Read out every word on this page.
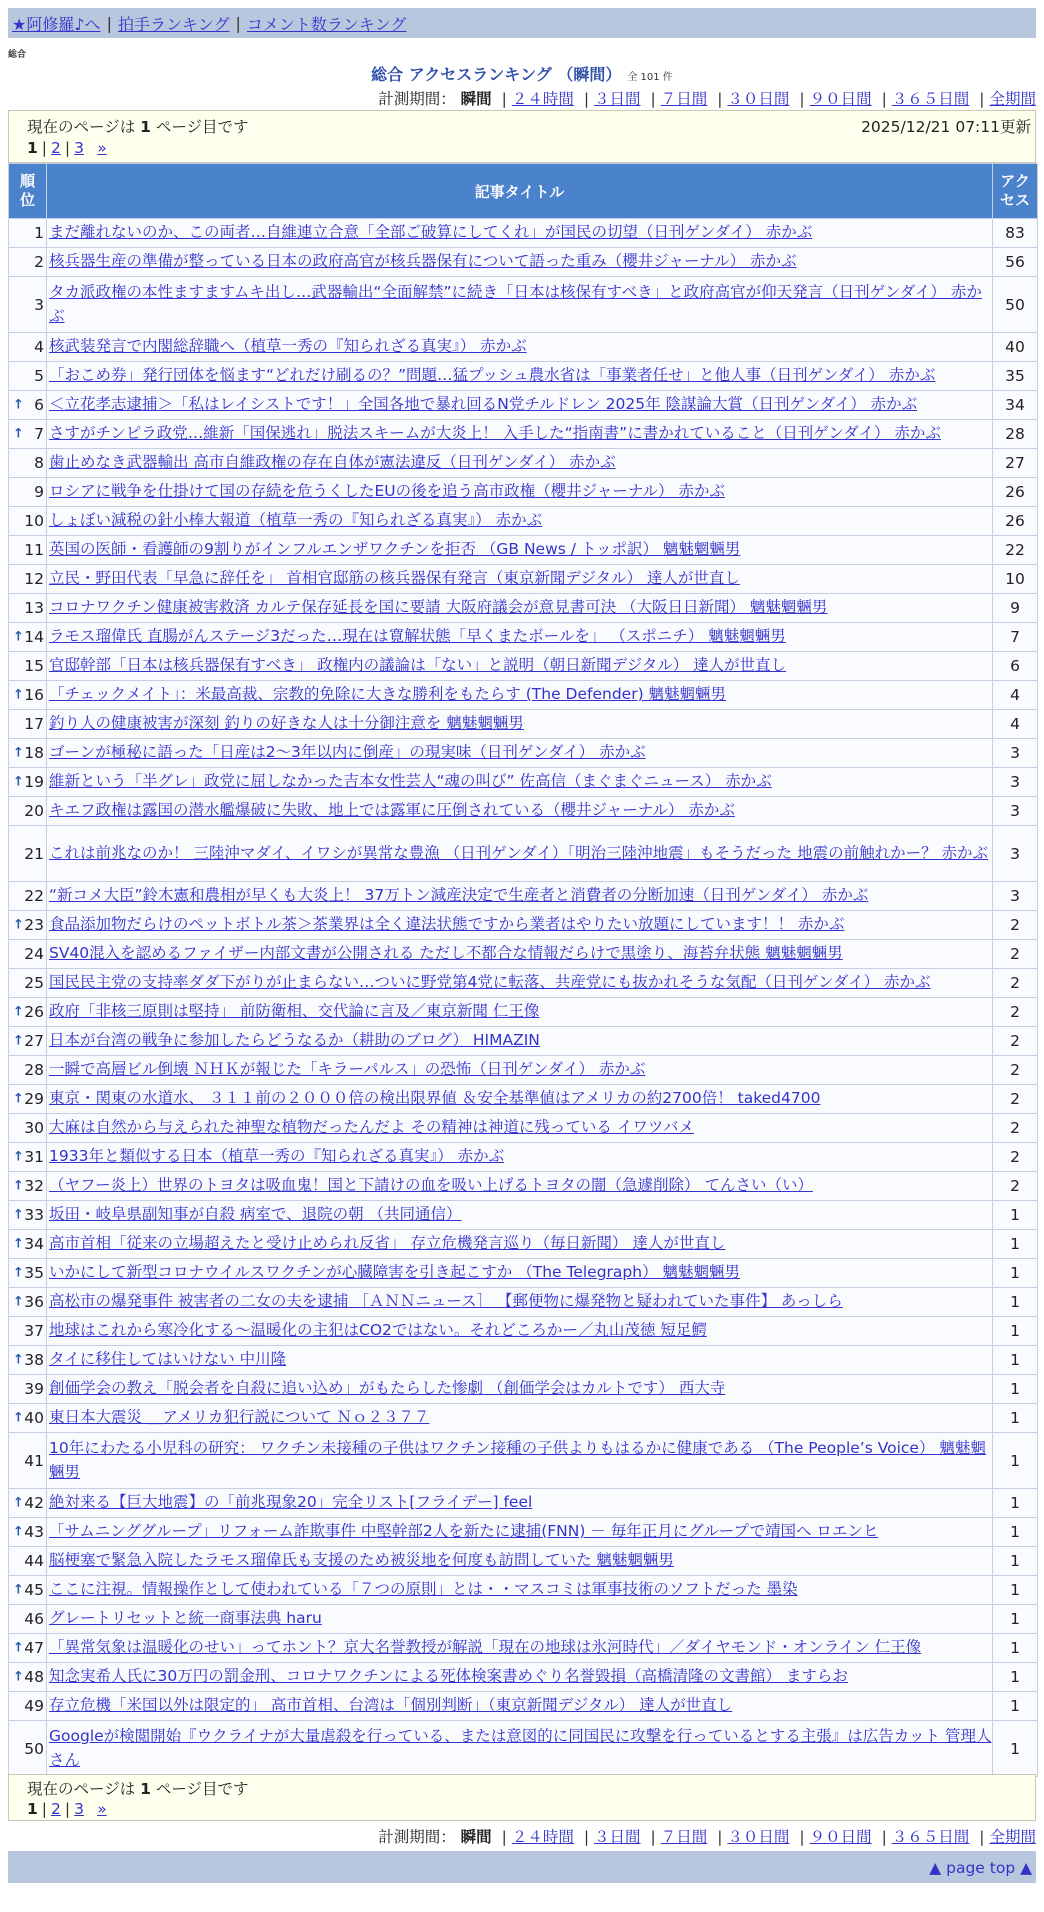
★阿修羅♪へ | 拍手ランキング | コメント数ランキング
総合
総合 アクセスランキング （瞬間） 全 101 件
計測期間： 瞬間 | ２４時間 | ３日間 | ７日間 | ３０日間 | ９０日間 | ３６５日間 | 全期間
現在のページは 1 ページ目です	2025/12/21 07:11更新
1 | 2 | 3 »
順位	記事タイトル	アクセス
1	まだ離れないのか、この両者…自維連立合意「全部ご破算にしてくれ」が国民の切望（日刊ゲンダイ） 赤かぶ	83
2	核兵器生産の準備が整っている日本の政府高官が核兵器保有について語った重み（櫻井ジャーナル） 赤かぶ	56
3	タカ派政権の本性ますますムキ出し…武器輸出“全面解禁”に続き「日本は核保有すべき」と政府高官が仰天発言（日刊ゲンダイ） 赤かぶ	50
4	核武装発言で内閣総辞職へ（植草一秀の『知られざる真実』） 赤かぶ	40
5	「おこめ券」発行団体を悩ます“どれだけ刷るの？”問題…猛プッシュ農水省は「事業者任せ」と他人事（日刊ゲンダイ） 赤かぶ	35

↑ 6	＜立花孝志逮捕＞「私はレイシストです！」全国各地で暴れ回るN党チルドレン 2025年 陰謀論大賞（日刊ゲンダイ） 赤かぶ	34

↑ 7	さすがチンピラ政党…維新「国保逃れ」脱法スキームが大炎上！ 入手した“指南書”に書かれていること（日刊ゲンダイ） 赤かぶ	28
8	歯止めなき武器輸出 高市自維政権の存在自体が憲法違反（日刊ゲンダイ） 赤かぶ	27
9	ロシアに戦争を仕掛けて国の存続を危うくしたEUの後を追う高市政権（櫻井ジャーナル） 赤かぶ	26
10	しょぼい減税の針小棒大報道（植草一秀の『知られざる真実』） 赤かぶ	26
11	英国の医師・看護師の9割りがインフルエンザワクチンを拒否 （GB News / トッポ訳） 魑魅魍魎男	22
12	立民・野田代表「早急に辞任を」 首相官邸筋の核兵器保有発言（東京新聞デジタル） 達人が世直し	10
13	コロナワクチン健康被害救済 カルテ保存延長を国に要請 大阪府議会が意見書可決 （大阪日日新聞） 魑魅魍魎男	9

↑ 14	ラモス瑠偉氏 直腸がんステージ3だった…現在は寛解状態「早くまたボールを」 （スポニチ） 魑魅魍魎男	7
15	官邸幹部「日本は核兵器保有すべき」 政権内の議論は「ない」と説明（朝日新聞デジタル） 達人が世直し	6

↑ 16	「チェックメイト」：米最高裁、宗教的免除に大きな勝利をもたらす (The Defender) 魑魅魍魎男	4
17	釣り人の健康被害が深刻 釣りの好きな人は十分御注意を 魑魅魍魎男	4

↑ 18	ゴーンが極秘に語った「日産は2～3年以内に倒産」の現実味（日刊ゲンダイ） 赤かぶ	3

↑ 19	維新という「半グレ」政党に屈しなかった吉本女性芸人“魂の叫び” 佐高信（まぐまぐニュース） 赤かぶ	3
20	キエフ政権は露国の潜水艦爆破に失敗、地上では露軍に圧倒されている（櫻井ジャーナル） 赤かぶ	3
21	これは前兆なのか！ 三陸沖マダイ、イワシが異常な豊漁 （日刊ゲンダイ）「明治三陸沖地震」もそうだった 地震の前触れかー？ 赤かぶ	3
22	“新コメ大臣”鈴木憲和農相が早くも大炎上！ 37万トン減産決定で生産者と消費者の分断加速（日刊ゲンダイ） 赤かぶ	3

↑ 23	食品添加物だらけのペットボトル茶＞茶業界は全く違法状態ですから業者はやりたい放題にしています！！ 赤かぶ	2
24	SV40混入を認めるファイザー内部文書が公開される ただし不都合な情報だらけで黒塗り、海苔弁状態 魑魅魍魎男	2
25	国民民主党の支持率ダダ下がりが止まらない…ついに野党第4党に転落、共産党にも抜かれそうな気配（日刊ゲンダイ） 赤かぶ	2

↑ 26	政府「非核三原則は堅持」 前防衛相、交代論に言及／東京新聞 仁王像	2

↑ 27	日本が台湾の戦争に参加したらどうなるか（耕助のブログ） HIMAZIN	2
28	一瞬で高層ビル倒壊 ＮＨＫが報じた「キラーパルス」の恐怖（日刊ゲンダイ） 赤かぶ	2

↑ 29	東京・関東の水道水、 ３１１前の２０００倍の検出限界値 ＆安全基準値はアメリカの約2700倍！ taked4700	2
30	大麻は自然から与えられた神聖な植物だったんだよ その精神は神道に残っている イワツバメ	2

↑ 31	1933年と類似する日本（植草一秀の『知られざる真実』） 赤かぶ	2

↑ 32	（ヤフー炎上）世界のトヨタは吸血鬼！国と下請けの血を吸い上げるトヨタの闇（急遽削除） てんさい（い）	2

↑ 33	坂田・岐阜県副知事が自殺 病室で、退院の朝 （共同通信）	1

↑ 34	高市首相「従来の立場超えたと受け止められ反省」 存立危機発言巡り（毎日新聞） 達人が世直し	1

↑ 35	いかにして新型コロナウイルスワクチンが心臓障害を引き起こすか （The Telegraph） 魑魅魍魎男	1

↑ 36	高松市の爆発事件 被害者の二女の夫を逮捕 ［ＡＮＮニュース］ 【郵便物に爆発物と疑われていた事件】 あっしら	1
37	地球はこれから寒冷化する～温暖化の主犯はCO2ではない。それどころかー／丸山茂徳 短足鰐	1

↑ 38	タイに移住してはいけない 中川隆	1
39	創価学会の教え「脱会者を自殺に追い込め」がもたらした惨劇 （創価学会はカルトです） 西大寺	1

↑ 40	東日本大震災 ＿アメリカ犯行説について Ｎｏ２３７７	1
41	10年にわたる小児科の研究： ワクチン未接種の子供はワクチン接種の子供よりもはるかに健康である （The People’s Voice） 魑魅魍魎男	1

↑ 42	絶対来る【巨大地震】の「前兆現象20」完全リスト[フライデー] feel	1

↑ 43	「サムニンググループ」リフォーム詐欺事件 中堅幹部2人を新たに逮捕(FNN) － 毎年正月にグループで靖国へ ロエンヒ	1
44	脳梗塞で緊急入院したラモス瑠偉氏も支援のため被災地を何度も訪問していた 魑魅魍魎男	1

↑ 45	ここに注視。情報操作として使われている「７つの原則」とは・・マスコミは軍事技術のソフトだった 墨染	1
46	グレートリセットと統一商事法典 haru	1

↑ 47	「異常気象は温暖化のせい」ってホント？京大名誉教授が解説「現在の地球は氷河時代」／ダイヤモンド・オンライン 仁王像	1

↑ 48	知念実希人氏に30万円の罰金刑、コロナワクチンによる死体検案書めぐり名誉毀損（高橋清隆の文書館） ますらお	1
49	存立危機「米国以外は限定的」 高市首相、台湾は「個別判断」（東京新聞デジタル） 達人が世直し	1
50	Googleが検閲開始『ウクライナが大量虐殺を行っている、または意図的に同国民に攻撃を行っているとする主張』は広告カット 管理人さん	1
現在のページは 1 ページ目です
1 | 2 | 3 »
計測期間： 瞬間 | ２４時間 | ３日間 | ７日間 | ３０日間 | ９０日間 | ３６５日間 | 全期間
▲ page top ▲
